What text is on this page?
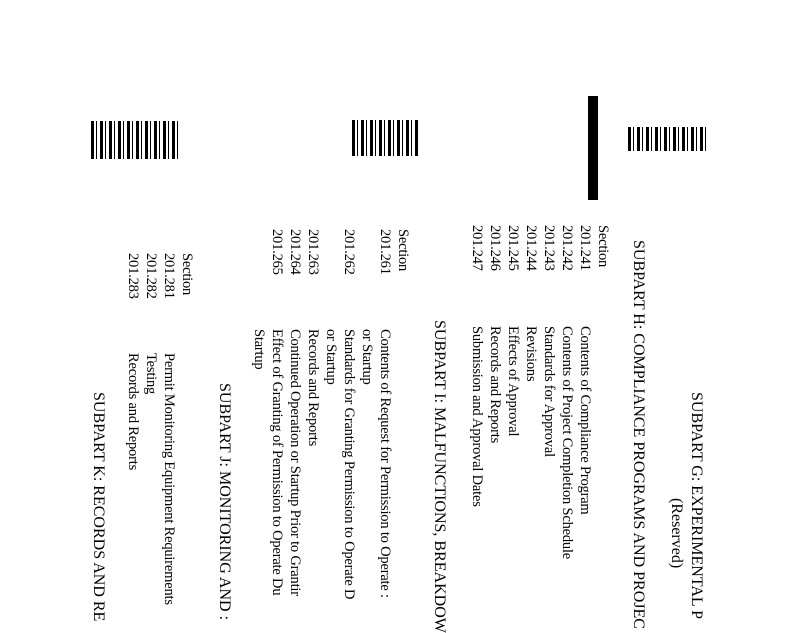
SUBPART G: EXPERIMENTAL P
(Reserved)
SUBPART H: COMPLIANCE PROGRAMS AND PROJEC
Section
201.241
Contents of Compliance Program
201.242
Contents of Project Completion Schedule
201.243
Standards for Approval
201.244
Revisions
201.245
Effects of Approval
201.246
Records and Reports
201.247
Submission and Approval Dates
SUBPART I: MALFUNCTIONS, BREAKDOW
Section
201.261
Contents of Request for Permission to Operate :
or Startup
201.262
Standards for Granting Permission to Operate D
or Startup
201.263
Records and Reports
201.264
Continued Operation or Startup Prior to Grantir
201.265
Effect of Granting of Permission to Operate Du
Startup
SUBPART J: MONITORING AND :
Section
201.281
Permit Monitoring Equipment Requirements
201.282
Testing
201.283
Records and Reports
SUBPART K: RECORDS AND RE
